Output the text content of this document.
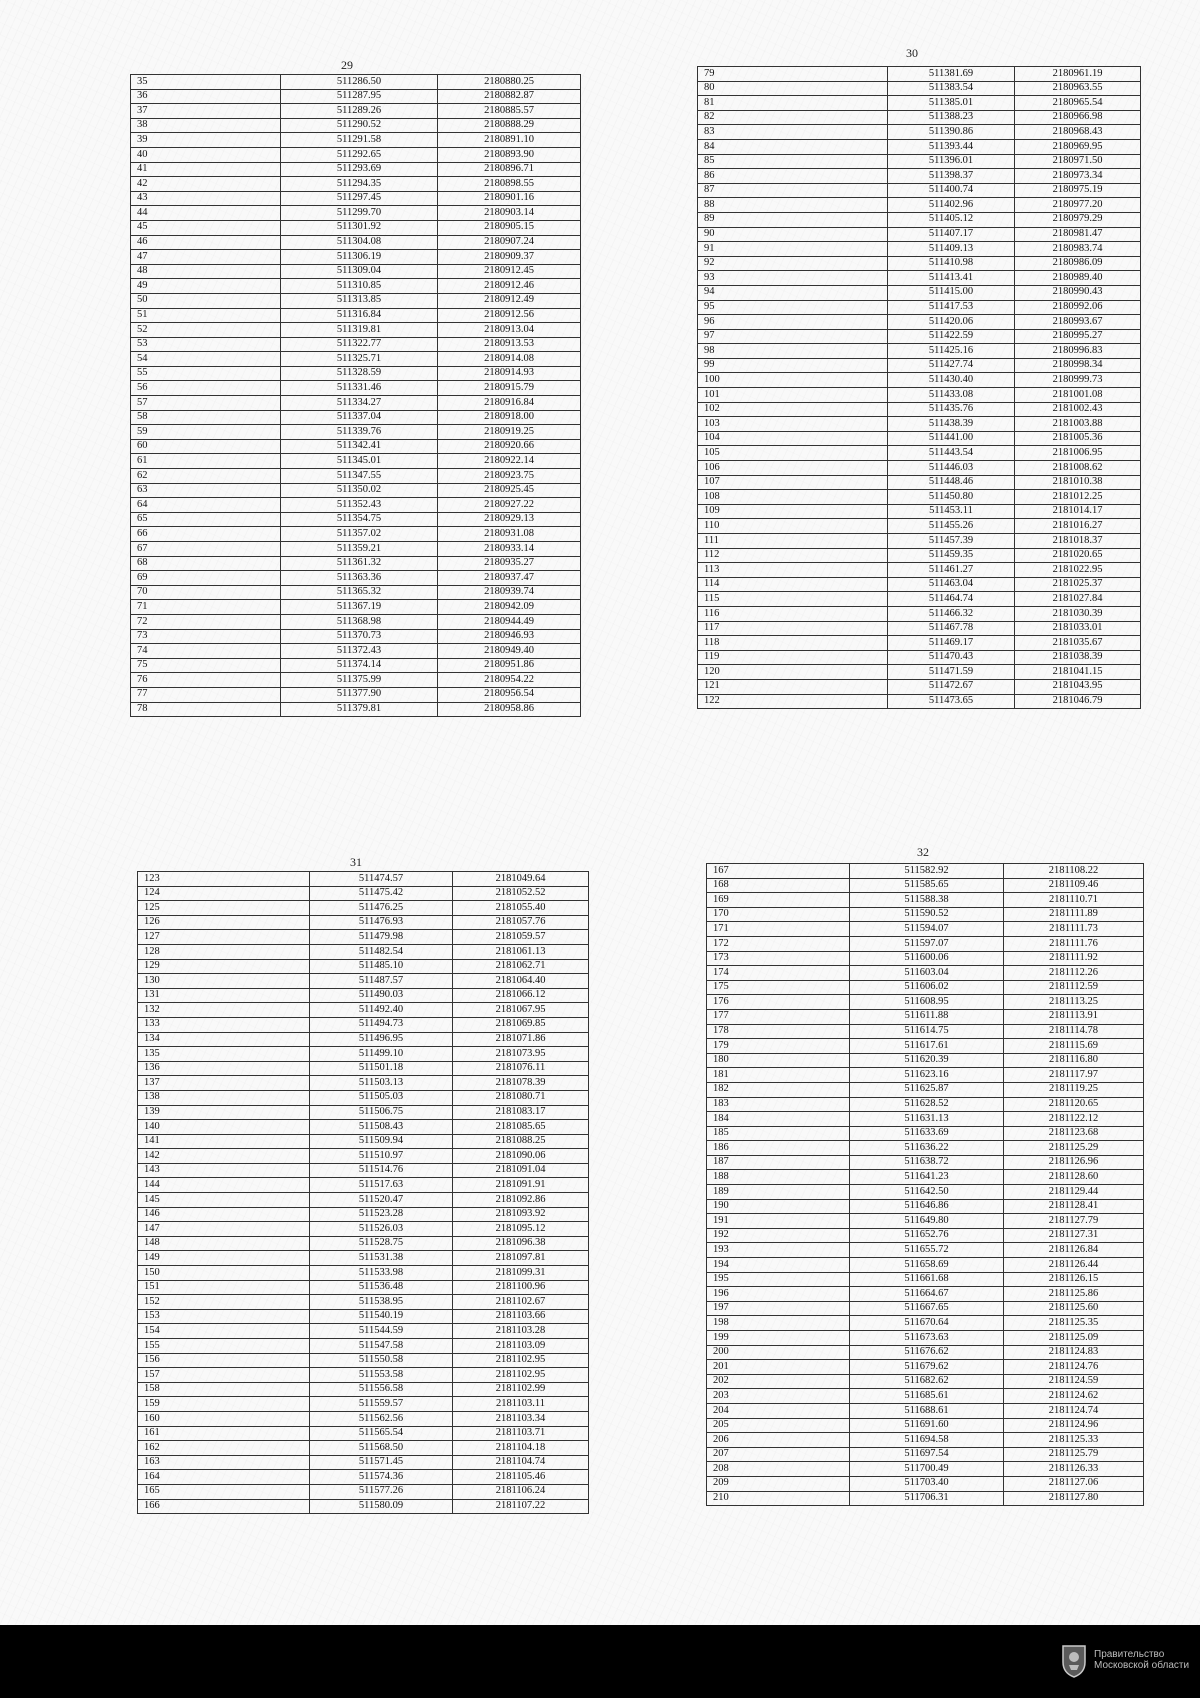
29
35	511286.50	2180880.25
36	511287.95	2180882.87
37	511289.26	2180885.57
38	511290.52	2180888.29
39	511291.58	2180891.10
40	511292.65	2180893.90
41	511293.69	2180896.71
42	511294.35	2180898.55
43	511297.45	2180901.16
44	511299.70	2180903.14
45	511301.92	2180905.15
46	511304.08	2180907.24
47	511306.19	2180909.37
48	511309.04	2180912.45
49	511310.85	2180912.46
50	511313.85	2180912.49
51	511316.84	2180912.56
52	511319.81	2180913.04
53	511322.77	2180913.53
54	511325.71	2180914.08
55	511328.59	2180914.93
56	511331.46	2180915.79
57	511334.27	2180916.84
58	511337.04	2180918.00
59	511339.76	2180919.25
60	511342.41	2180920.66
61	511345.01	2180922.14
62	511347.55	2180923.75
63	511350.02	2180925.45
64	511352.43	2180927.22
65	511354.75	2180929.13
66	511357.02	2180931.08
67	511359.21	2180933.14
68	511361.32	2180935.27
69	511363.36	2180937.47
70	511365.32	2180939.74
71	511367.19	2180942.09
72	511368.98	2180944.49
73	511370.73	2180946.93
74	511372.43	2180949.40
75	511374.14	2180951.86
76	511375.99	2180954.22
77	511377.90	2180956.54
78	511379.81	2180958.86
30
79	511381.69	2180961.19
80	511383.54	2180963.55
81	511385.01	2180965.54
82	511388.23	2180966.98
83	511390.86	2180968.43
84	511393.44	2180969.95
85	511396.01	2180971.50
86	511398.37	2180973.34
87	511400.74	2180975.19
88	511402.96	2180977.20
89	511405.12	2180979.29
90	511407.17	2180981.47
91	511409.13	2180983.74
92	511410.98	2180986.09
93	511413.41	2180989.40
94	511415.00	2180990.43
95	511417.53	2180992.06
96	511420.06	2180993.67
97	511422.59	2180995.27
98	511425.16	2180996.83
99	511427.74	2180998.34
100	511430.40	2180999.73
101	511433.08	2181001.08
102	511435.76	2181002.43
103	511438.39	2181003.88
104	511441.00	2181005.36
105	511443.54	2181006.95
106	511446.03	2181008.62
107	511448.46	2181010.38
108	511450.80	2181012.25
109	511453.11	2181014.17
110	511455.26	2181016.27
111	511457.39	2181018.37
112	511459.35	2181020.65
113	511461.27	2181022.95
114	511463.04	2181025.37
115	511464.74	2181027.84
116	511466.32	2181030.39
117	511467.78	2181033.01
118	511469.17	2181035.67
119	511470.43	2181038.39
120	511471.59	2181041.15
121	511472.67	2181043.95
122	511473.65	2181046.79
31
123	511474.57	2181049.64
124	511475.42	2181052.52
125	511476.25	2181055.40
126	511476.93	2181057.76
127	511479.98	2181059.57
128	511482.54	2181061.13
129	511485.10	2181062.71
130	511487.57	2181064.40
131	511490.03	2181066.12
132	511492.40	2181067.95
133	511494.73	2181069.85
134	511496.95	2181071.86
135	511499.10	2181073.95
136	511501.18	2181076.11
137	511503.13	2181078.39
138	511505.03	2181080.71
139	511506.75	2181083.17
140	511508.43	2181085.65
141	511509.94	2181088.25
142	511510.97	2181090.06
143	511514.76	2181091.04
144	511517.63	2181091.91
145	511520.47	2181092.86
146	511523.28	2181093.92
147	511526.03	2181095.12
148	511528.75	2181096.38
149	511531.38	2181097.81
150	511533.98	2181099.31
151	511536.48	2181100.96
152	511538.95	2181102.67
153	511540.19	2181103.66
154	511544.59	2181103.28
155	511547.58	2181103.09
156	511550.58	2181102.95
157	511553.58	2181102.95
158	511556.58	2181102.99
159	511559.57	2181103.11
160	511562.56	2181103.34
161	511565.54	2181103.71
162	511568.50	2181104.18
163	511571.45	2181104.74
164	511574.36	2181105.46
165	511577.26	2181106.24
166	511580.09	2181107.22
32
167	511582.92	2181108.22
168	511585.65	2181109.46
169	511588.38	2181110.71
170	511590.52	2181111.89
171	511594.07	2181111.73
172	511597.07	2181111.76
173	511600.06	2181111.92
174	511603.04	2181112.26
175	511606.02	2181112.59
176	511608.95	2181113.25
177	511611.88	2181113.91
178	511614.75	2181114.78
179	511617.61	2181115.69
180	511620.39	2181116.80
181	511623.16	2181117.97
182	511625.87	2181119.25
183	511628.52	2181120.65
184	511631.13	2181122.12
185	511633.69	2181123.68
186	511636.22	2181125.29
187	511638.72	2181126.96
188	511641.23	2181128.60
189	511642.50	2181129.44
190	511646.86	2181128.41
191	511649.80	2181127.79
192	511652.76	2181127.31
193	511655.72	2181126.84
194	511658.69	2181126.44
195	511661.68	2181126.15
196	511664.67	2181125.86
197	511667.65	2181125.60
198	511670.64	2181125.35
199	511673.63	2181125.09
200	511676.62	2181124.83
201	511679.62	2181124.76
202	511682.62	2181124.59
203	511685.61	2181124.62
204	511688.61	2181124.74
205	511691.60	2181124.96
206	511694.58	2181125.33
207	511697.54	2181125.79
208	511700.49	2181126.33
209	511703.40	2181127.06
210	511706.31	2181127.80
Правительство
Московской области
